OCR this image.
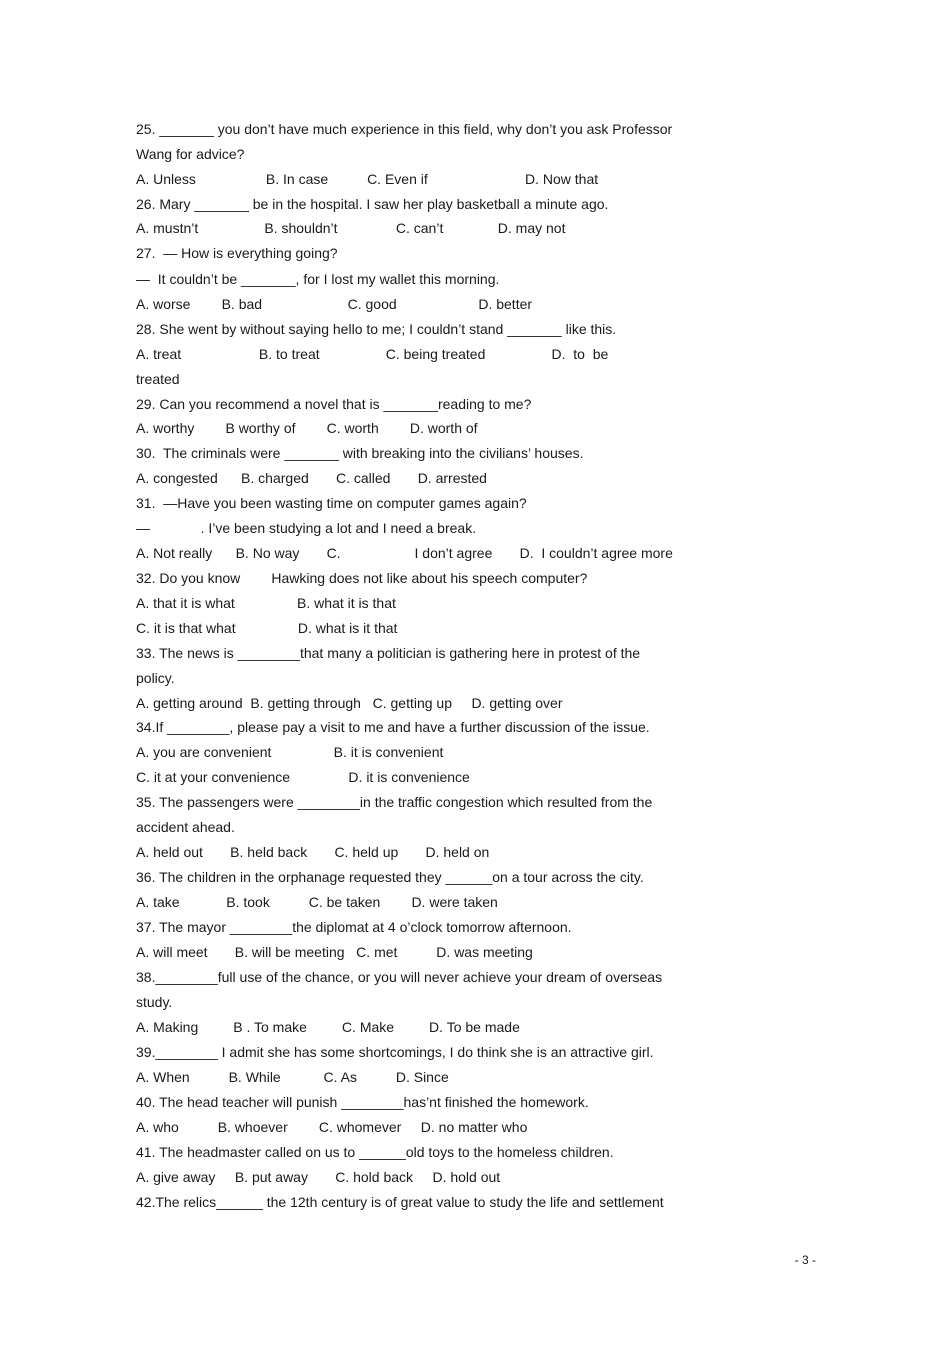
25. _______ you don’t have much experience in this field, why don’t you ask Professor
Wang for advice?
A. Unless                  B. In case          C. Even if                         D. Now that
26. Mary _______ be in the hospital. I saw her play basketball a minute ago.
A. mustn’t                 B. shouldn’t               C. can’t              D. may not
27.  — How is everything going?
—  It couldn’t be _______, for I lost my wallet this morning.
A. worse        B. bad                      C. good                     D. better
28. She went by without saying hello to me; I couldn’t stand _______ like this.
A. treat                    B. to treat                 C. being treated                 D.  to  be
treated
29. Can you recommend a novel that is _______reading to me?
A. worthy        B worthy of        C. worth        D. worth of
30.  The criminals were _______ with breaking into the civilians’ houses.
A. congested      B. charged       C. called       D. arrested
31.  —Have you been wasting time on computer games again?
—             . I’ve been studying a lot and I need a break.
A. Not really      B. No way       C.                   I don’t agree       D.  I couldn’t agree more
32. Do you know        Hawking does not like about his speech computer?
A. that it is what                B. what it is that
C. it is that what                D. what is it that
33. The news is ________that many a politician is gathering here in protest of the
policy.
A. getting around  B. getting through   C. getting up     D. getting over
34.If ________, please pay a visit to me and have a further discussion of the issue.
A. you are convenient                B. it is convenient
C. it at your convenience               D. it is convenience
35. The passengers were ________in the traffic congestion which resulted from the
accident ahead.
A. held out       B. held back       C. held up       D. held on
36. The children in the orphanage requested they ______on a tour across the city.
A. take            B. took          C. be taken        D. were taken
37. The mayor ________the diplomat at 4 o’clock tomorrow afternoon.
A. will meet       B. will be meeting   C. met          D. was meeting
38.________full use of the chance, or you will never achieve your dream of overseas
study.
A. Making         B . To make         C. Make         D. To be made
39.________ I admit she has some shortcomings, I do think she is an attractive girl.
A. When          B. While           C. As          D. Since
40. The head teacher will punish ________has’nt finished the homework.
A. who          B. whoever        C. whomever     D. no matter who
41. The headmaster called on us to ______old toys to the homeless children.
A. give away     B. put away       C. hold back     D. hold out
42.The relics______ the 12th century is of great value to study the life and settlement
- 3 -
